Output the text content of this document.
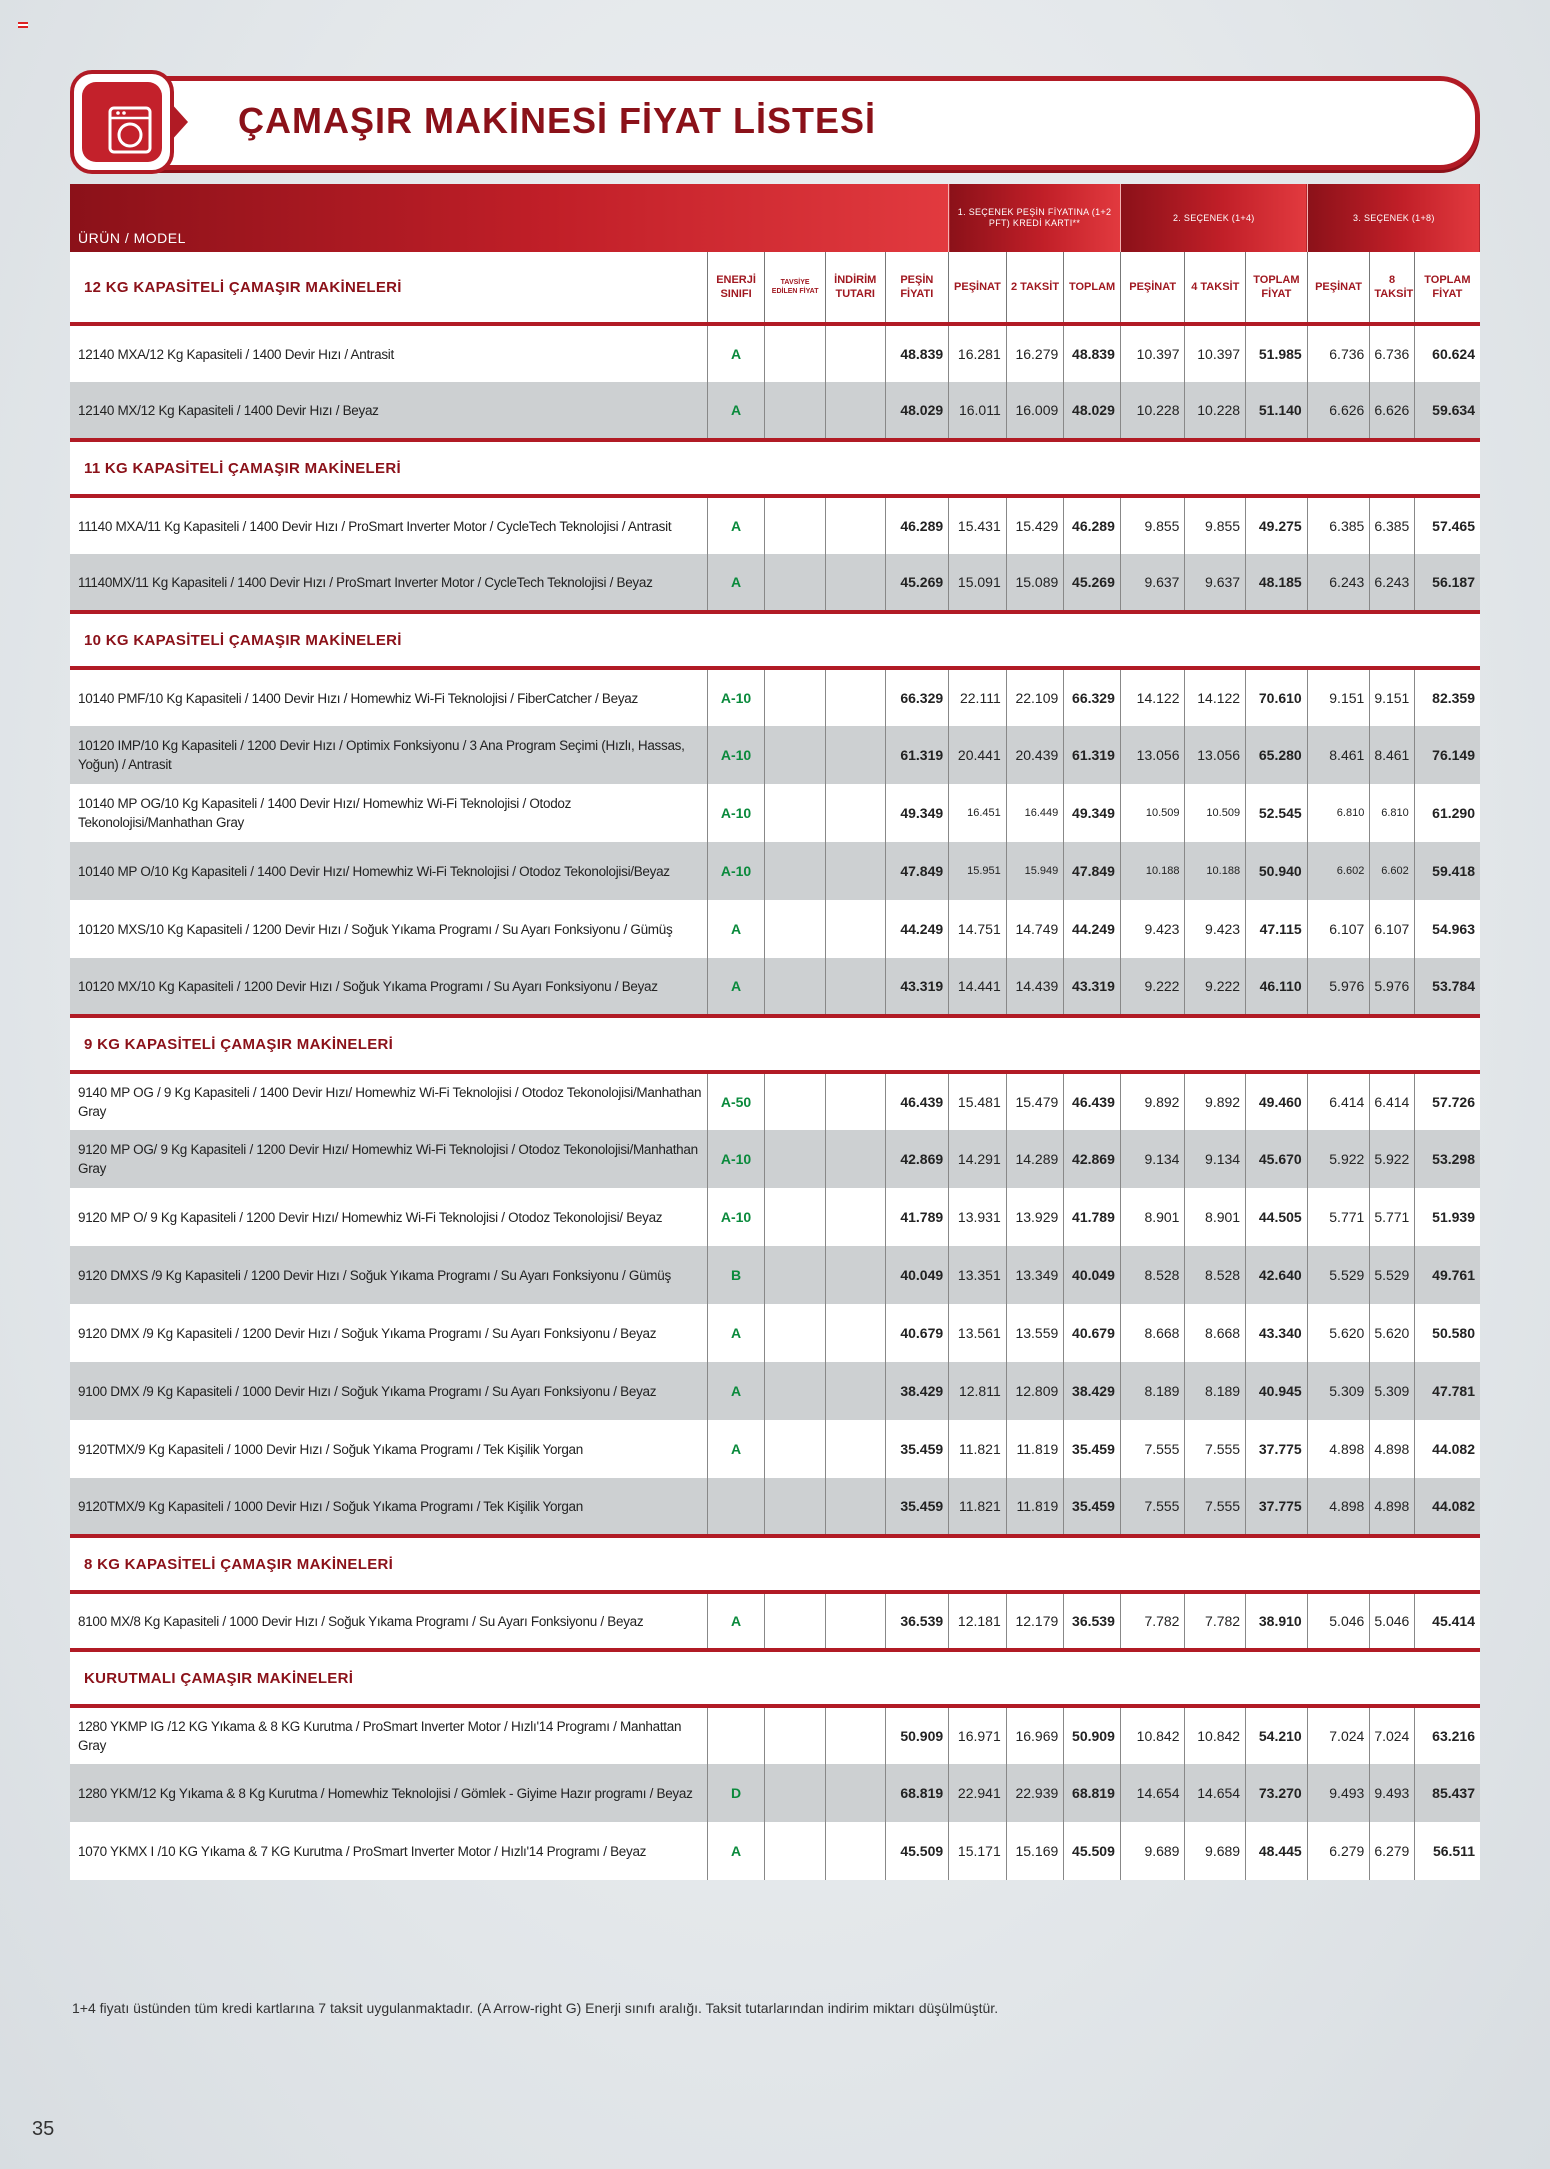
ÇAMAŞIR MAKİNESİ FİYAT LİSTESİ
ÜRÜN / MODEL					1. SEÇENEK PEŞİN FİYATINA (1+2 PFT) KREDİ KARTI**			2. SEÇENEK (1+4)			3. SEÇENEK (1+8)		
12 KG KAPASİTELİ ÇAMAŞIR MAKİNELERİ	ENERJİ SINIFI	TAVSİYE EDİLEN FİYAT	İNDİRİM TUTARI	PEŞİN FİYATI	PEŞİNAT	2 TAKSİT	TOPLAM	PEŞİNAT	4 TAKSİT	TOPLAM FİYAT	PEŞİNAT	8 TAKSİT	TOPLAM FİYAT
12140 MXA/12 Kg Kapasiteli / 1400 Devir Hızı / Antrasit	A			48.839	16.281	16.279	48.839	10.397	10.397	51.985	6.736	6.736	60.624
12140 MX/12 Kg Kapasiteli / 1400 Devir Hızı / Beyaz	A			48.029	16.011	16.009	48.029	10.228	10.228	51.140	6.626	6.626	59.634
11 KG KAPASİTELİ ÇAMAŞIR MAKİNELERİ													
11140 MXA/11 Kg Kapasiteli / 1400 Devir Hızı / ProSmart Inverter Motor / CycleTech Teknolojisi / Antrasit	A			46.289	15.431	15.429	46.289	9.855	9.855	49.275	6.385	6.385	57.465
11140MX/11 Kg Kapasiteli / 1400 Devir Hızı / ProSmart Inverter Motor / CycleTech Teknolojisi / Beyaz	A			45.269	15.091	15.089	45.269	9.637	9.637	48.185	6.243	6.243	56.187
10 KG KAPASİTELİ ÇAMAŞIR MAKİNELERİ													
10140 PMF/10 Kg Kapasiteli / 1400 Devir Hızı / Homewhiz Wi-Fi Teknolojisi / FiberCatcher / Beyaz	A-10			66.329	22.111	22.109	66.329	14.122	14.122	70.610	9.151	9.151	82.359
10120 IMP/10 Kg Kapasiteli / 1200 Devir Hızı / Optimix Fonksiyonu / 3 Ana Program Seçimi (Hızlı, Hassas, Yoğun) / Antrasit	A-10			61.319	20.441	20.439	61.319	13.056	13.056	65.280	8.461	8.461	76.149
10140 MP OG/10 Kg Kapasiteli / 1400 Devir Hızı/ Homewhiz Wi-Fi Teknolojisi / Otodoz Tekonolojisi/Manhathan Gray	A-10			49.349	16.451	16.449	49.349	10.509	10.509	52.545	6.810	6.810	61.290
10140 MP O/10 Kg Kapasiteli / 1400 Devir Hızı/ Homewhiz Wi-Fi Teknolojisi / Otodoz Tekonolojisi/Beyaz	A-10			47.849	15.951	15.949	47.849	10.188	10.188	50.940	6.602	6.602	59.418
10120 MXS/10 Kg Kapasiteli / 1200 Devir Hızı / Soğuk Yıkama Programı / Su Ayarı Fonksiyonu / Gümüş	A			44.249	14.751	14.749	44.249	9.423	9.423	47.115	6.107	6.107	54.963
10120 MX/10 Kg Kapasiteli / 1200 Devir Hızı / Soğuk Yıkama Programı / Su Ayarı Fonksiyonu / Beyaz	A			43.319	14.441	14.439	43.319	9.222	9.222	46.110	5.976	5.976	53.784
9 KG KAPASİTELİ ÇAMAŞIR MAKİNELERİ													
9140 MP OG / 9 Kg Kapasiteli / 1400 Devir Hızı/ Homewhiz Wi-Fi Teknolojisi / Otodoz Tekonolojisi/Manhathan Gray	A-50			46.439	15.481	15.479	46.439	9.892	9.892	49.460	6.414	6.414	57.726
9120 MP OG/ 9 Kg Kapasiteli / 1200 Devir Hızı/ Homewhiz Wi-Fi Teknolojisi / Otodoz Tekonolojisi/Manhathan Gray	A-10			42.869	14.291	14.289	42.869	9.134	9.134	45.670	5.922	5.922	53.298
9120 MP O/ 9 Kg Kapasiteli / 1200 Devir Hızı/ Homewhiz Wi-Fi Teknolojisi / Otodoz Tekonolojisi/ Beyaz	A-10			41.789	13.931	13.929	41.789	8.901	8.901	44.505	5.771	5.771	51.939
9120 DMXS /9 Kg Kapasiteli / 1200 Devir Hızı / Soğuk Yıkama Programı / Su Ayarı Fonksiyonu / Gümüş	B			40.049	13.351	13.349	40.049	8.528	8.528	42.640	5.529	5.529	49.761
9120 DMX /9 Kg Kapasiteli / 1200 Devir Hızı / Soğuk Yıkama Programı / Su Ayarı Fonksiyonu / Beyaz	A			40.679	13.561	13.559	40.679	8.668	8.668	43.340	5.620	5.620	50.580
9100 DMX /9 Kg Kapasiteli / 1000 Devir Hızı / Soğuk Yıkama Programı / Su Ayarı Fonksiyonu / Beyaz	A			38.429	12.811	12.809	38.429	8.189	8.189	40.945	5.309	5.309	47.781
9120TMX/9 Kg Kapasiteli / 1000 Devir Hızı / Soğuk Yıkama Programı / Tek Kişilik Yorgan	A			35.459	11.821	11.819	35.459	7.555	7.555	37.775	4.898	4.898	44.082
9120TMX/9 Kg Kapasiteli / 1000 Devir Hızı / Soğuk Yıkama Programı / Tek Kişilik Yorgan				35.459	11.821	11.819	35.459	7.555	7.555	37.775	4.898	4.898	44.082
8 KG KAPASİTELİ ÇAMAŞIR MAKİNELERİ													
8100 MX/8 Kg Kapasiteli / 1000 Devir Hızı / Soğuk Yıkama Programı / Su Ayarı Fonksiyonu / Beyaz	A			36.539	12.181	12.179	36.539	7.782	7.782	38.910	5.046	5.046	45.414
KURUTMALI ÇAMAŞIR MAKİNELERİ													
1280 YKMP IG /12 KG Yıkama & 8 KG Kurutma / ProSmart Inverter Motor / Hızlı'14 Programı / Manhattan Gray				50.909	16.971	16.969	50.909	10.842	10.842	54.210	7.024	7.024	63.216
1280 YKM/12 Kg Yıkama & 8 Kg Kurutma / Homewhiz Teknolojisi / Gömlek - Giyime Hazır programı / Beyaz	D			68.819	22.941	22.939	68.819	14.654	14.654	73.270	9.493	9.493	85.437
1070 YKMX I /10 KG Yıkama & 7 KG Kurutma / ProSmart Inverter Motor / Hızlı'14 Programı / Beyaz	A			45.509	15.171	15.169	45.509	9.689	9.689	48.445	6.279	6.279	56.511
1+4 fiyatı üstünden tüm kredi kartlarına 7 taksit uygulanmaktadır. (A Arrow-right G) Enerji sınıfı aralığı. Taksit tutarlarından indirim miktarı düşülmüştür.
35
